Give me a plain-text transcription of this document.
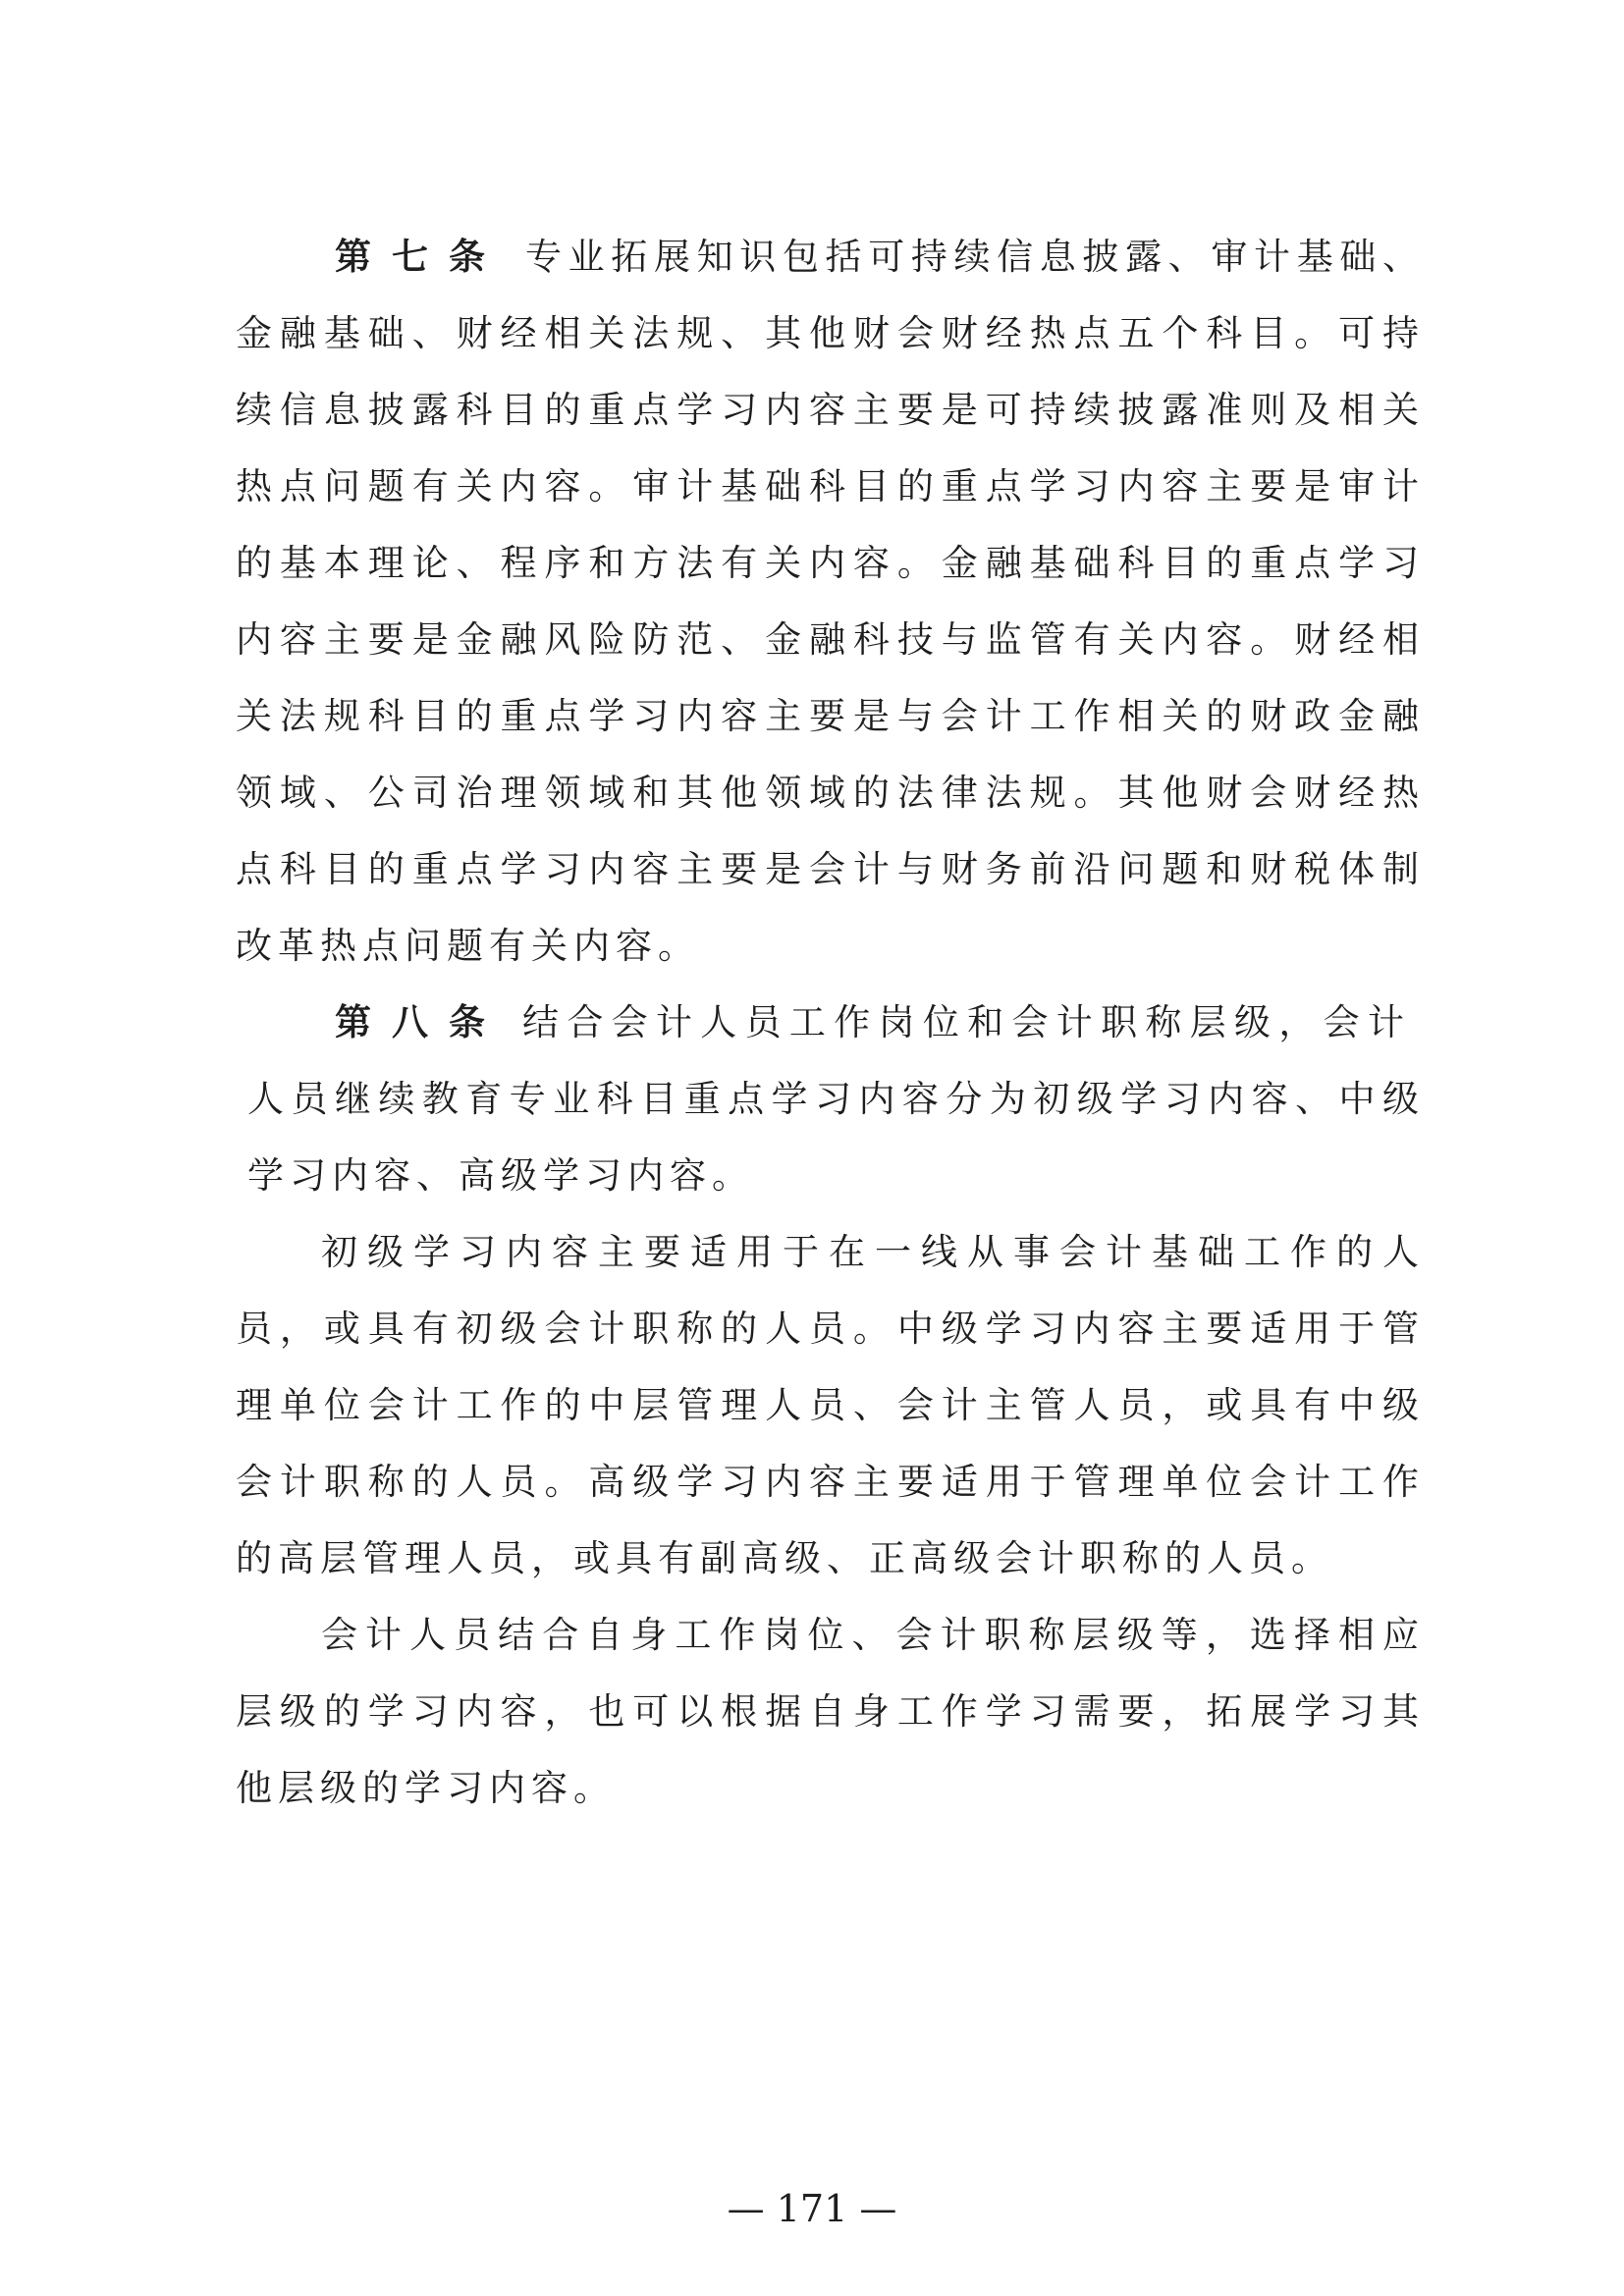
第七条 专业拓展知识包括可持续信息披露、审计基础、
金融基础、财经相关法规、其他财会财经热点五个科目。可持
续信息披露科目的重点学习内容主要是可持续披露准则及相关
热点问题有关内容。审计基础科目的重点学习内容主要是审计
的基本理论、程序和方法有关内容。金融基础科目的重点学习
内容主要是金融风险防范、金融科技与监管有关内容。财经相
关法规科目的重点学习内容主要是与会计工作相关的财政金融
领域、公司治理领域和其他领域的法律法规。其他财会财经热
点科目的重点学习内容主要是会计与财务前沿问题和财税体制
改革热点问题有关内容。
第八条 结合会计人员工作岗位和会计职称层级，会计
人员继续教育专业科目重点学习内容分为初级学习内容、中级
学习内容、高级学习内容。
初级学习内容主要适用于在一线从事会计基础工作的人
员，或具有初级会计职称的人员。中级学习内容主要适用于管
理单位会计工作的中层管理人员、会计主管人员，或具有中级
会计职称的人员。高级学习内容主要适用于管理单位会计工作
的高层管理人员，或具有副高级、正高级会计职称的人员。
会计人员结合自身工作岗位、会计职称层级等，选择相应
层级的学习内容，也可以根据自身工作学习需要，拓展学习其
他层级的学习内容。
— 171 —
